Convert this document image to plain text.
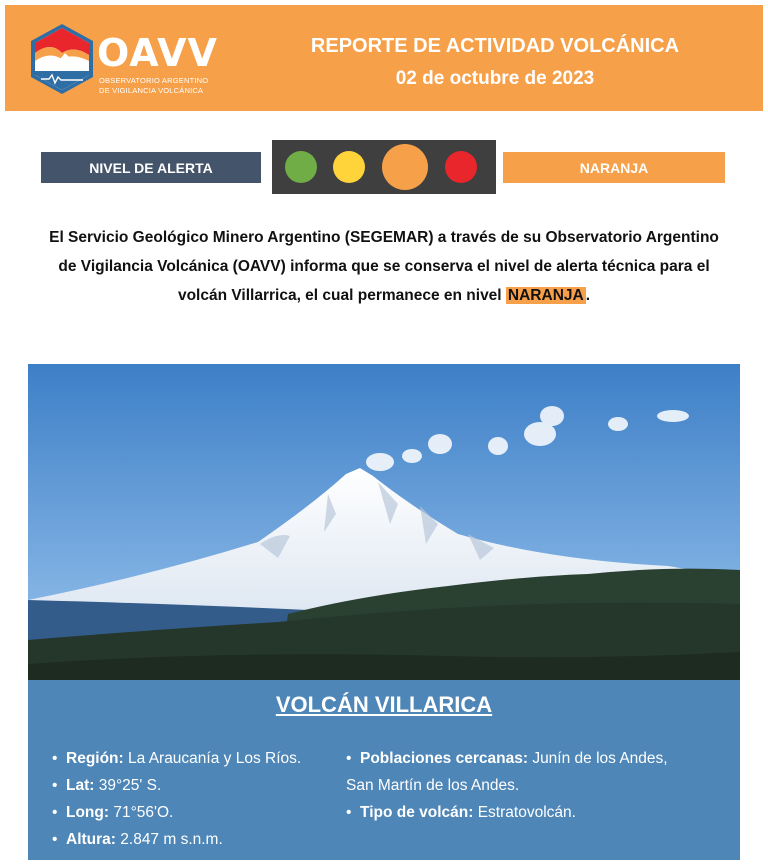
OAVV
OBSERVATORIO ARGENTINO
DE VIGILANCIA VOLCÁNICA
REPORTE DE ACTIVIDAD VOLCÁNICA
02 de octubre de 2023
NIVEL DE ALERTA	NARANJA
El Servicio Geológico Minero Argentino (SEGEMAR) a través de su Observatorio Argentino de Vigilancia Volcánica (OAVV) informa que se conserva el nivel de alerta técnica para el volcán Villarrica, el cual permanece en nivel NARANJA .
VOLCÁN VILLARICA
• Región: La Araucanía y Los Ríos.
• Lat: 39°25' S.
• Long: 71°56'O.
• Altura: 2.847 m s.n.m.
• Poblaciones cercanas: Junín de los Andes,
San Martín de los Andes.
• Tipo de volcán: Estratovolcán.
